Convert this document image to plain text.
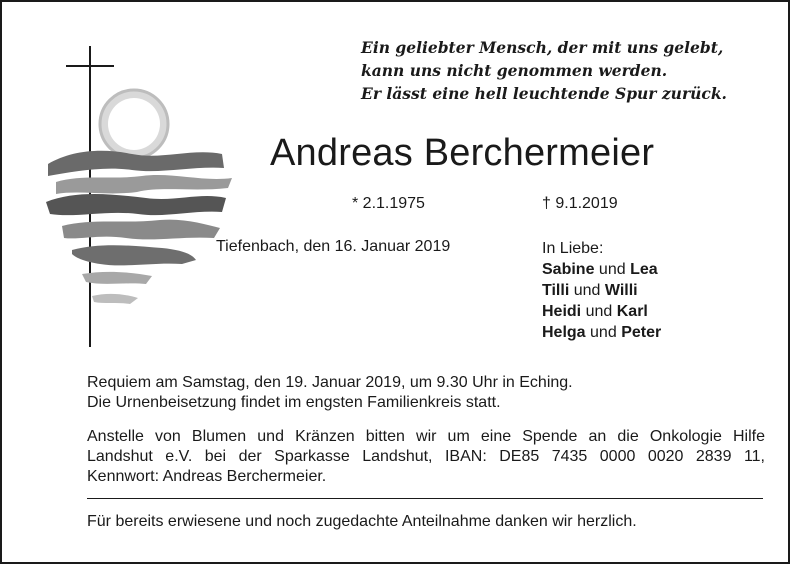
Ein geliebter Mensch, der mit uns gelebt,
kann uns nicht genommen werden.
Er lässt eine hell leuchtende Spur zurück.
Andreas Berchermeier
* 2.1.1975	† 9.1.2019
Tiefenbach, den 16. Januar 2019	In Liebe:
Sabine und Lea
Tilli und Willi
Heidi und Karl
Helga und Peter
Requiem am Samstag, den 19. Januar 2019, um 9.30 Uhr in Eching.
Die Urnenbeisetzung findet im engsten Familienkreis statt.
Anstelle von Blumen und Kränzen bitten wir um eine Spende an die Onkologie Hilfe
Landshut e.V. bei der Sparkasse Landshut, IBAN: DE85 7435 0000 0020 2839 11,
Kennwort: Andreas Berchermeier.
Für bereits erwiesene und noch zugedachte Anteilnahme danken wir herzlich.
